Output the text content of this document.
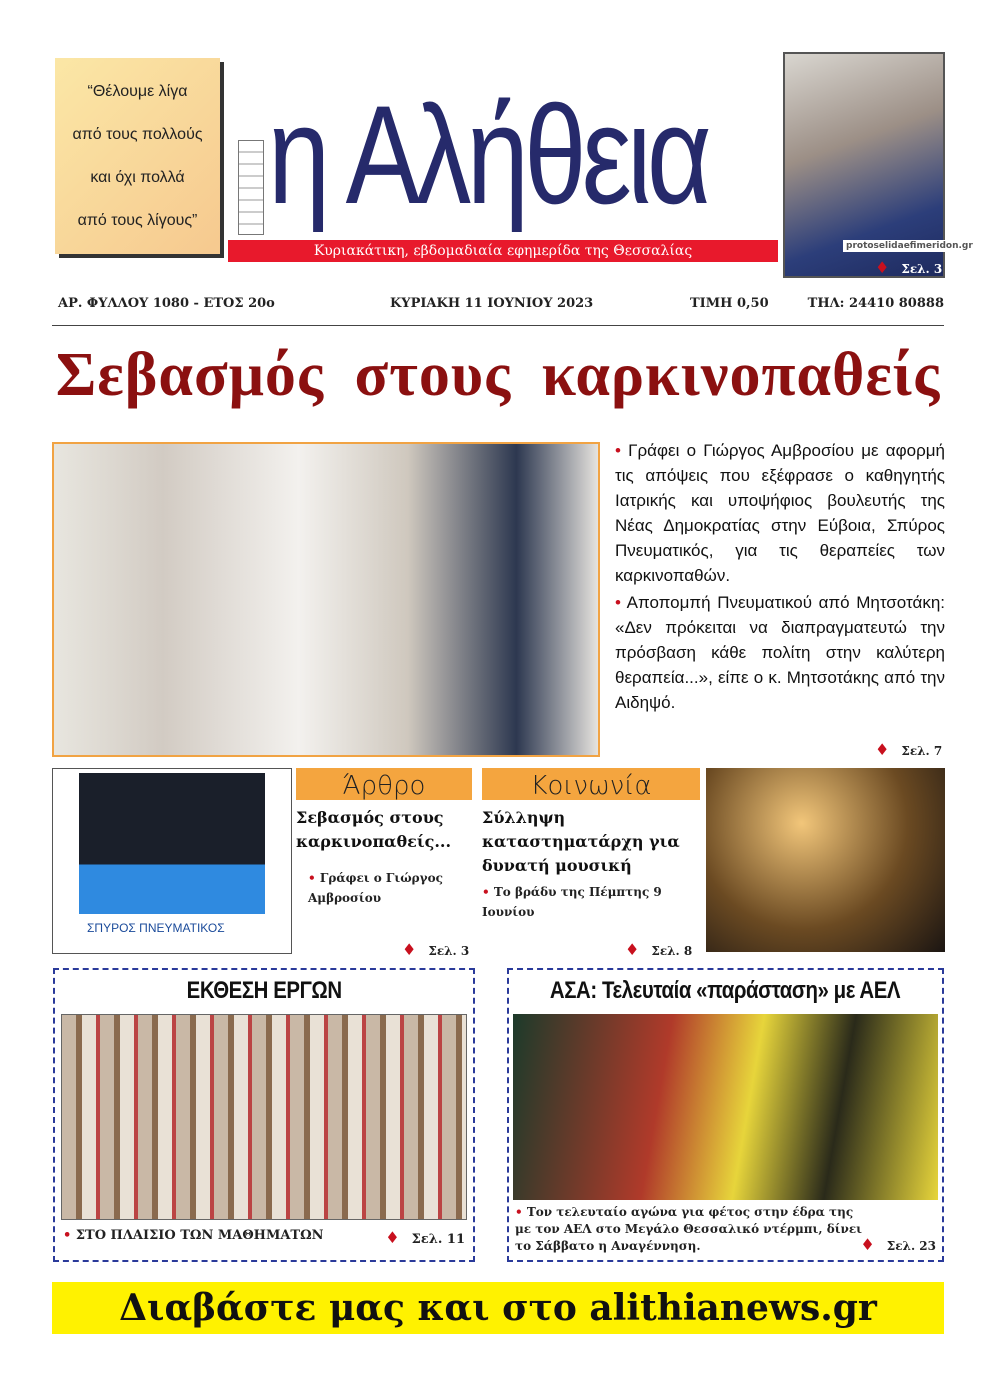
“Θέλουμε λίγα
από τους πολλούς
και όχι πολλά
από τους λίγους” η Αλήθεια
Κυριακάτικη, εβδομαδιαία εφημερίδα της Θεσσαλίας	protoselidaefimeridon.gr
♦ Σελ. 3
ΑΡ. ΦΥΛΛΟΥ 1080 - ΕΤΟΣ 20ο	ΚΥΡΙΑΚΗ 11 ΙΟΥΝΙΟΥ 2023	ΤΙΜΗ 0,50	ΤΗΛ: 24410 80888
Σεβασμός στους καρκινοπαθείς

• Γράφει ο Γιώργος Αμβροσίου με αφορμή τις απόψεις που εξέφρασε ο καθηγητής Ιατρικής και υποψήφιος βουλευτής της Νέας Δημοκρατίας στην Εύβοια, Σπύρος Πνευματικός, για τις θεραπείες των καρκινοπαθών.

• Αποπομπή Πνευματικού από Μητσοτάκη: «Δεν πρόκειται να διαπραγματευτώ την πρόσβαση κάθε πολίτη στην καλύτερη θεραπεία...», είπε ο κ. Μητσοτάκης από την Αιδηψό.

♦ Σελ. 7
ΣΠΥΡΟΣ ΠΝΕΥΜΑΤΙΚΟΣ
Άρθρο
Σεβασμός στους καρκινοπαθείς...
• Γράφει ο Γιώργος Αμβροσίου
♦ Σελ. 3
Κοινωνία
Σύλληψη καταστηματάρχη για δυνατή μουσική
• Το βράδυ της Πέμπτης 9 Ιουνίου
♦ Σελ. 8
ΕΚΘΕΣΗ ΕΡΓΩΝ
• ΣΤΟ ΠΛΑΙΣΙΟ ΤΩΝ ΜΑΘΗΜΑΤΩΝ	♦ Σελ. 11
ΑΣΑ: Τελευταία «παράσταση» με ΑΕΛ
• Τον τελευταίο αγώνα για φέτος στην έδρα της με τον ΑΕΛ στο Μεγάλο Θεσσαλικό ντέρμπι, δίνει το Σάββατο η Αναγέννηση.	♦ Σελ. 23
Διαβάστε μας και στο alithianews.gr
